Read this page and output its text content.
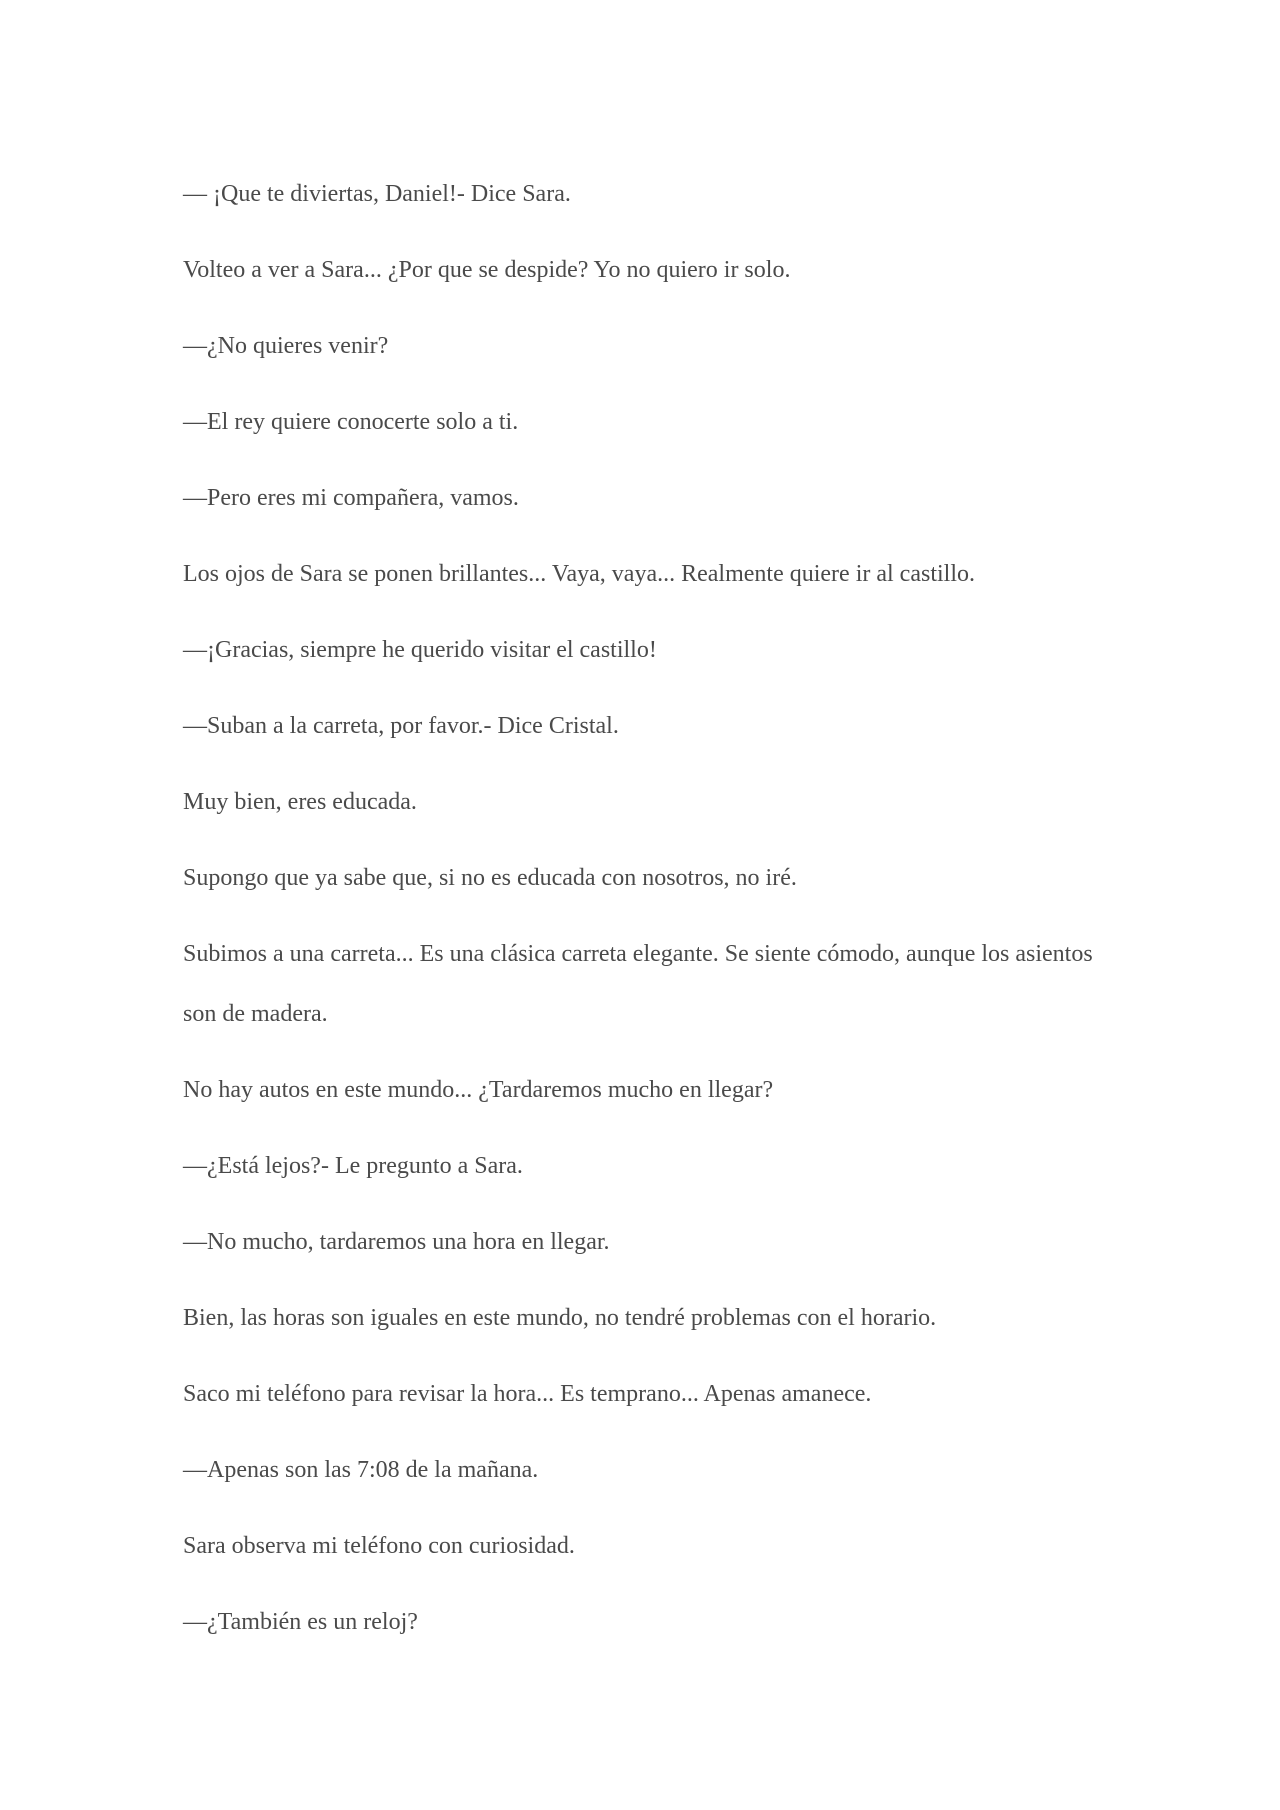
— ¡Que te diviertas, Daniel!- Dice Sara.

Volteo a ver a Sara... ¿Por que se despide? Yo no quiero ir solo.

—¿No quieres venir?

—El rey quiere conocerte solo a ti.

—Pero eres mi compañera, vamos.

Los ojos de Sara se ponen brillantes... Vaya, vaya... Realmente quiere ir al castillo.

—¡Gracias, siempre he querido visitar el castillo!

—Suban a la carreta, por favor.- Dice Cristal.

Muy bien, eres educada.

Supongo que ya sabe que, si no es educada con nosotros, no iré.

Subimos a una carreta... Es una clásica carreta elegante. Se siente cómodo, aunque los asientos son de madera.

No hay autos en este mundo... ¿Tardaremos mucho en llegar?

—¿Está lejos?- Le pregunto a Sara.

—No mucho, tardaremos una hora en llegar.

Bien, las horas son iguales en este mundo, no tendré problemas con el horario.

Saco mi teléfono para revisar la hora... Es temprano... Apenas amanece.

—Apenas son las 7:08 de la mañana.

Sara observa mi teléfono con curiosidad.

—¿También es un reloj?
